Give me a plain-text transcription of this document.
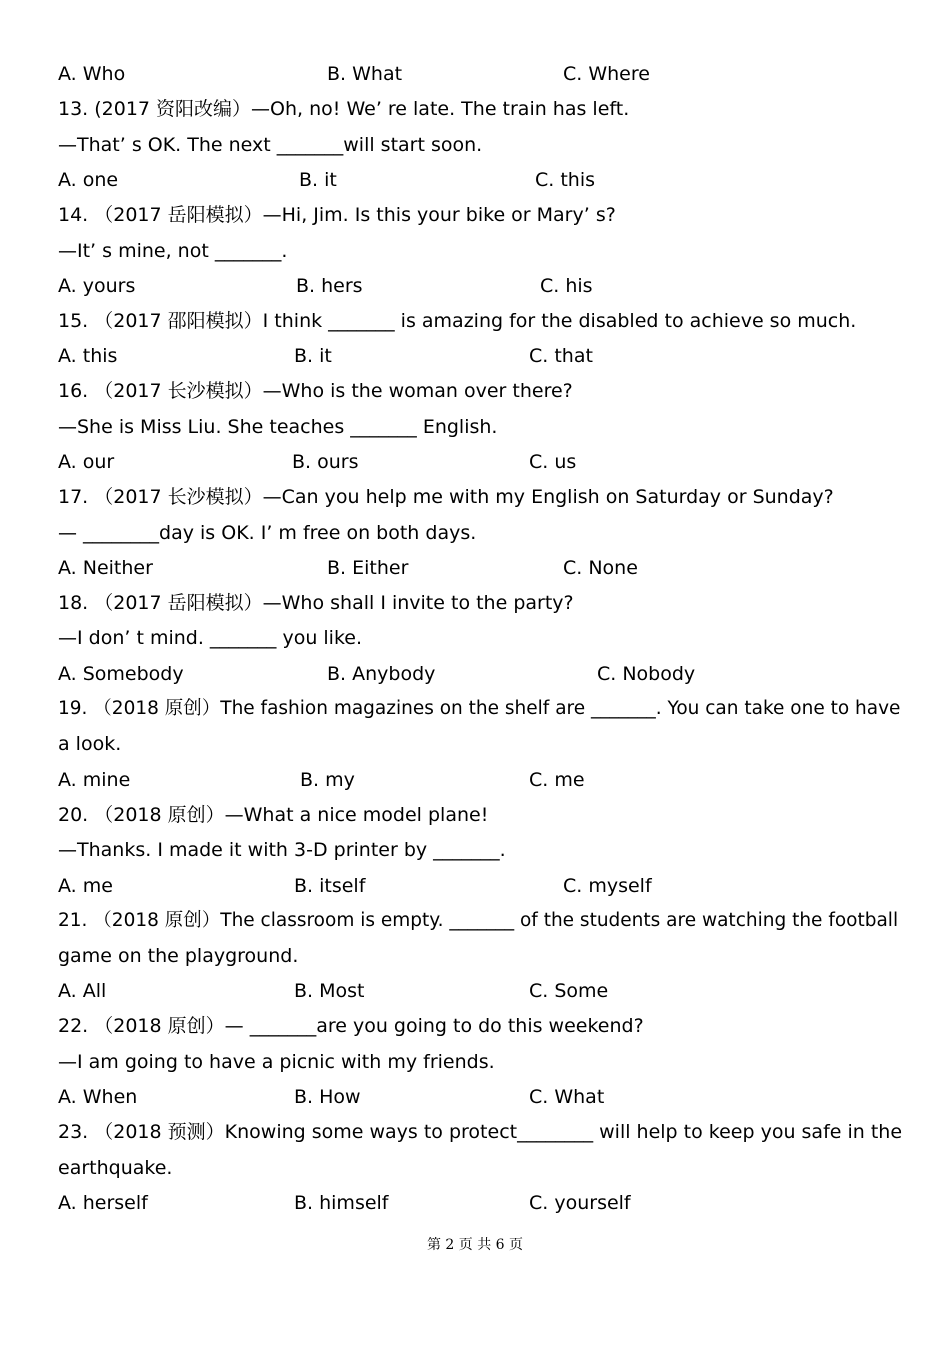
A. Who	B. What	C. Where
13. (2017 资阳改编）—Oh, no! We’ re late. The train has left.
—That’ s OK. The next _______will start soon.
A. one	B. it	C. this
14. （2017 岳阳模拟）—Hi, Jim. Is this your bike or Mary’ s?
—It’ s mine, not _______.
A. yours	B. hers	C. his
15. （2017 邵阳模拟）I think _______ is amazing for the disabled to achieve so much.
A. this	B. it	C. that
16. （2017 长沙模拟）—Who is the woman over there?
—She is Miss Liu. She teaches _______ English.
A. our	B. ours	C. us
17. （2017 长沙模拟）—Can you help me with my English on Saturday or Sunday?
— ________day is OK. I’ m free on both days.
A. Neither	B. Either	C. None
18. （2017 岳阳模拟）—Who shall I invite to the party?
—I don’ t mind. _______ you like.
A. Somebody	B. Anybody	C. Nobody
19. （2018 原创）The fashion magazines on the shelf are _______. You can take one to have
a look.
A. mine	B. my	C. me
20. （2018 原创）—What a nice model plane!
—Thanks. I made it with 3-D printer by _______.
A. me	B. itself	C. myself
21. （2018 原创）The classroom is empty. _______ of the students are watching the football
game on the playground.
A. All	B. Most	C. Some
22. （2018 原创）— _______are you going to do this weekend?
—I am going to have a picnic with my friends.
A. When	B. How	C. What
23. （2018 预测）Knowing some ways to protect________ will help to keep you safe in the
earthquake.
A. herself	B. himself	C. yourself
第 2 页 共 6 页
